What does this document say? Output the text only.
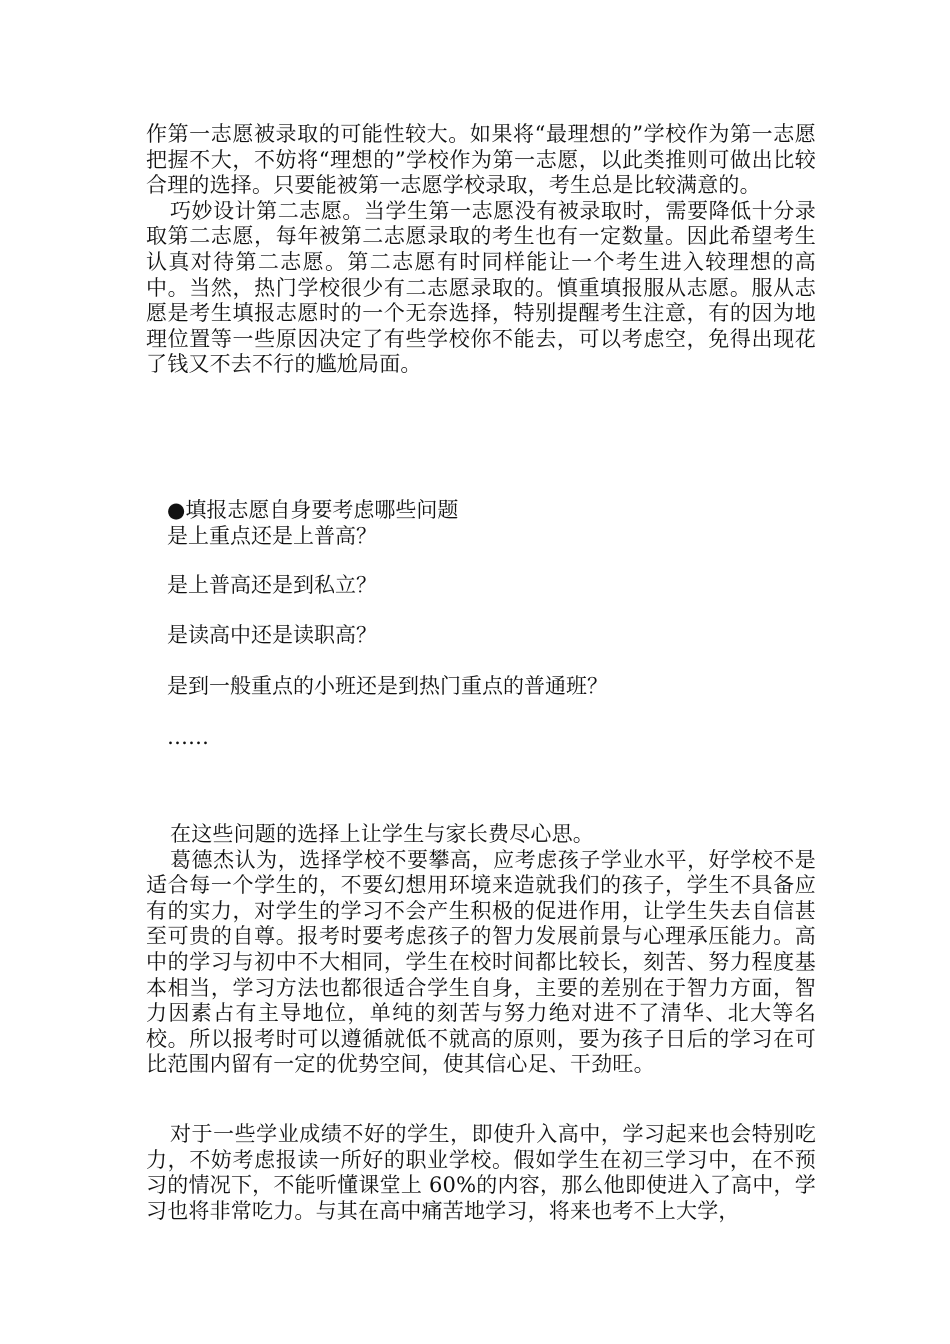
作第一志愿被录取的可能性较大。如果将“最理想的”学校作为第一志愿把握不大，不妨将“理想的”学校作为第一志愿，以此类推则可做出比较合理的选择。只要能被第一志愿学校录取，考生总是比较满意的。

巧妙设计第二志愿。当学生第一志愿没有被录取时，需要降低十分录取第二志愿，每年被第二志愿录取的考生也有一定数量。因此希望考生认真对待第二志愿。第二志愿有时同样能让一个考生进入较理想的高中。当然，热门学校很少有二志愿录取的。慎重填报服从志愿。服从志愿是考生填报志愿时的一个无奈选择，特别提醒考生注意，有的因为地理位置等一些原因决定了有些学校你不能去，可以考虑空，免得出现花了钱又不去不行的尴尬局面。

●填报志愿自身要考虑哪些问题

是上重点还是上普高？

是上普高还是到私立？

是读高中还是读职高？

是到一般重点的小班还是到热门重点的普通班？

……

在这些问题的选择上让学生与家长费尽心思。

葛德杰认为，选择学校不要攀高，应考虑孩子学业水平，好学校不是适合每一个学生的，不要幻想用环境来造就我们的孩子，学生不具备应有的实力，对学生的学习不会产生积极的促进作用，让学生失去自信甚至可贵的自尊。报考时要考虑孩子的智力发展前景与心理承压能力。高中的学习与初中不大相同，学生在校时间都比较长，刻苦、努力程度基本相当，学习方法也都很适合学生自身，主要的差别在于智力方面，智力因素占有主导地位，单纯的刻苦与努力绝对进不了清华、北大等名校。所以报考时可以遵循就低不就高的原则，要为孩子日后的学习在可比范围内留有一定的优势空间，使其信心足、干劲旺。

对于一些学业成绩不好的学生，即使升入高中，学习起来也会特别吃力，不妨考虑报读一所好的职业学校。假如学生在初三学习中，在不预习的情况下，不能听懂课堂上 60%的内容，那么他即使进入了高中，学习也将非常吃力。与其在高中痛苦地学习，将来也考不上大学，
